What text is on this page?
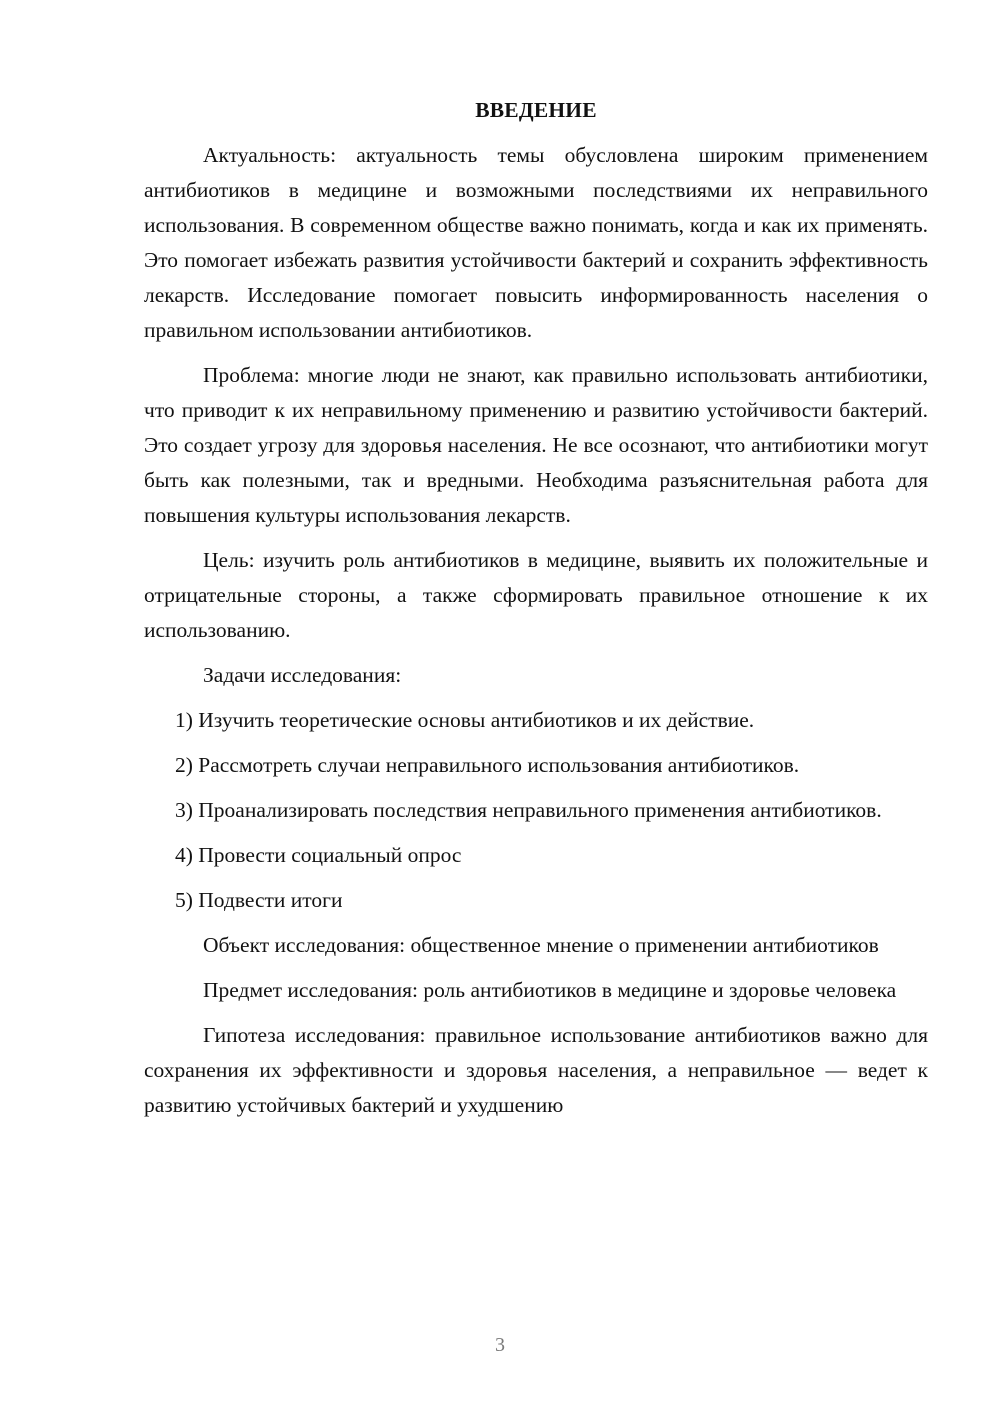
ВВЕДЕНИЕ

Актуальность: актуальность темы обусловлена широким применением антибиотиков в медицине и возможными последствиями их неправильного использования. В современном обществе важно понимать, когда и как их применять. Это помогает избежать развития устойчивости бактерий и сохранить эффективность лекарств. Исследование помогает повысить информированность населения о правильном использовании антибиотиков.

Проблема: многие люди не знают, как правильно использовать антибиотики, что приводит к их неправильному применению и развитию устойчивости бактерий. Это создает угрозу для здоровья населения. Не все осознают, что антибиотики могут быть как полезными, так и вредными. Необходима разъяснительная работа для повышения культуры использования лекарств.

Цель: изучить роль антибиотиков в медицине, выявить их положительные и отрицательные стороны, а также сформировать правильное отношение к их использованию.

Задачи исследования:

1) Изучить теоретические основы антибиотиков и их действие.

2) Рассмотреть случаи неправильного использования антибиотиков.

3) Проанализировать последствия неправильного применения антибиотиков.

4) Провести социальный опрос

5) Подвести итоги

Объект исследования: общественное мнение о применении антибиотиков

Предмет исследования: роль антибиотиков в медицине и здоровье человека

Гипотеза исследования: правильное использование антибиотиков важно для сохранения их эффективности и здоровья населения, а неправильное — ведет к развитию устойчивых бактерий и ухудшению

3
